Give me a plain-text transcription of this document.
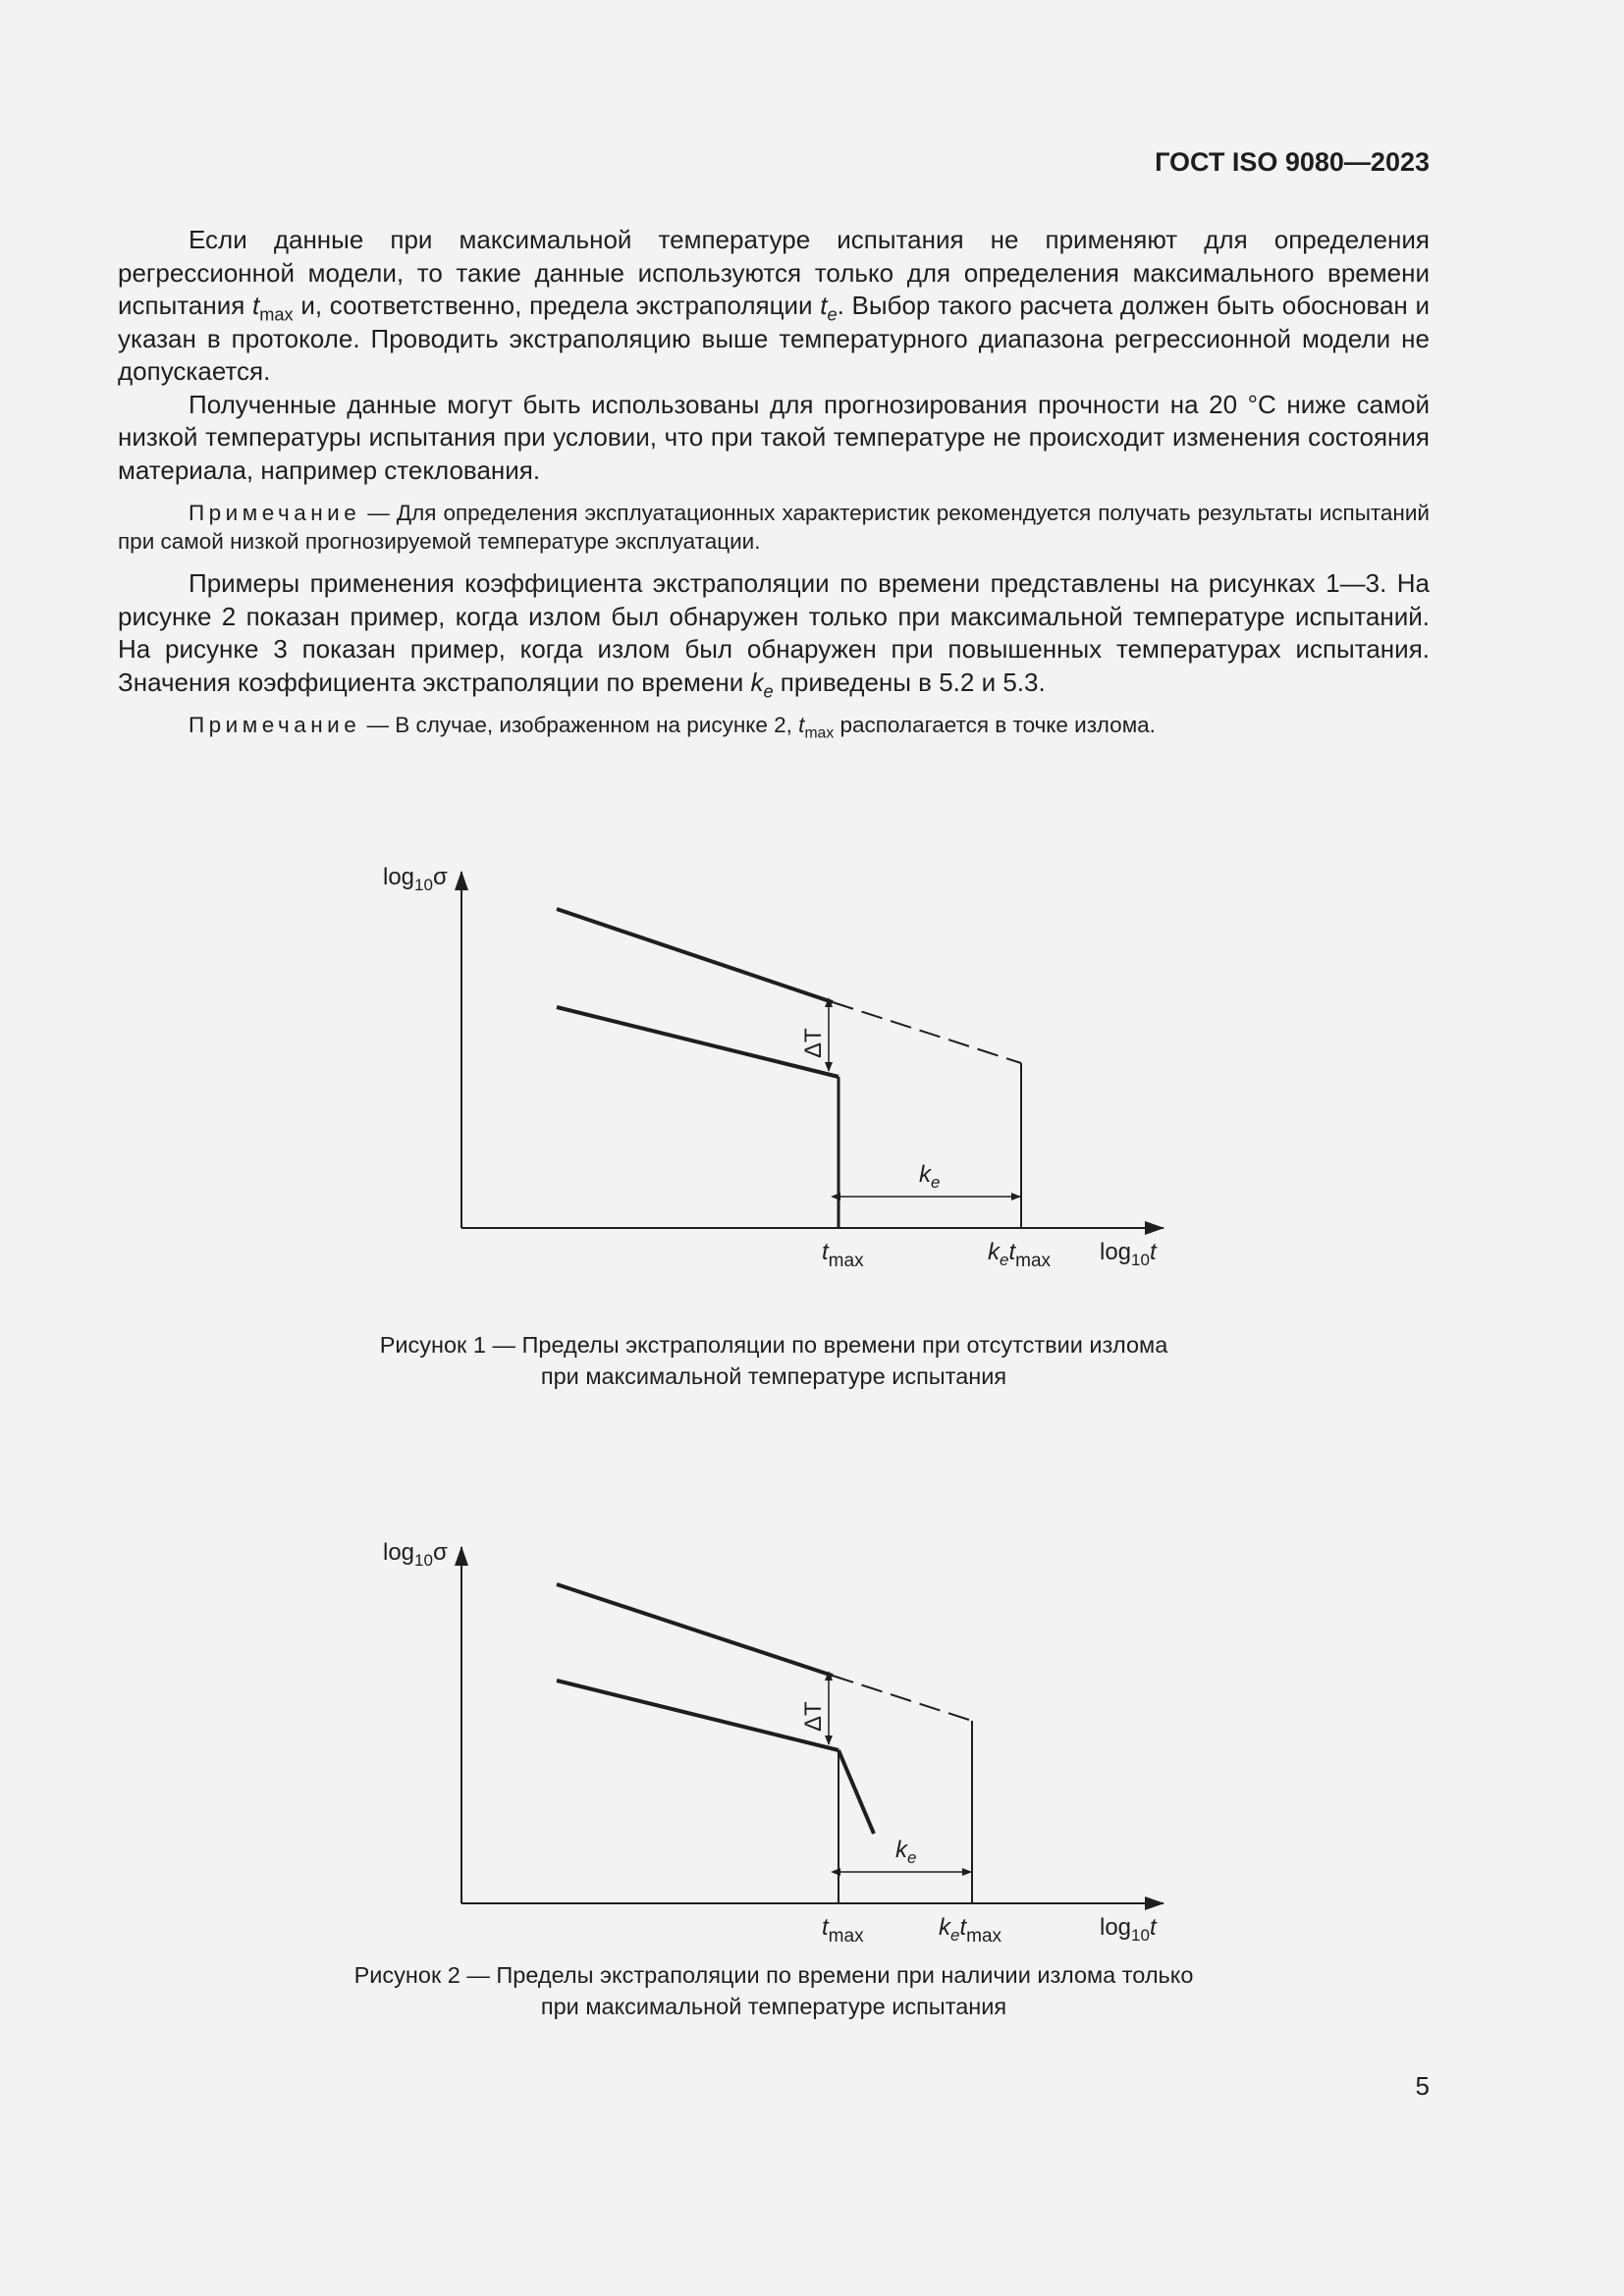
ГОСТ ISO 9080—2023

Если данные при максимальной температуре испытания не применяют для определения регрессионной модели, то такие данные используются только для определения максимального времени испытания $t_{max}$ и, соответственно, предела экстраполяции $t_e$. Выбор такого расчета должен быть обоснован и указан в протоколе. Проводить экстраполяцию выше температурного диапазона регрессионной модели не допускается.

Полученные данные могут быть использованы для прогнозирования прочности на 20 °С ниже самой низкой температуры испытания при условии, что при такой температуре не происходит изменения состояния материала, например стеклования.

Примечание — Для определения эксплуатационных характеристик рекомендуется получать результаты испытаний при самой низкой прогнозируемой температуре эксплуатации.

Примеры применения коэффициента экстраполяции по времени представлены на рисунках 1—3. На рисунке 2 показан пример, когда излом был обнаружен только при максимальной температуре испытаний. На рисунке 3 показан пример, когда излом был обнаружен при повышенных температурах испытания. Значения коэффициента экстраполяции по времени $k_e$ приведены в 5.2 и 5.3.

Примечание — В случае, изображенном на рисунке 2, $t_{max}$ располагается в точке излома.

ΔT
$k_e$
$\log_{10}\sigma$
$t_{max}$	$k_et_{max}$ $\log_{10}t$
Рисунок 1 — Пределы экстраполяции по времени при отсутствии излома
при максимальной температуре испытания
ΔT
$k_e$
$\log_{10}\sigma$
$t_{max}$	$k_et_{max}$	$\log_{10}t$
Рисунок 2 — Пределы экстраполяции по времени при наличии излома только
при максимальной температуре испытания
5
